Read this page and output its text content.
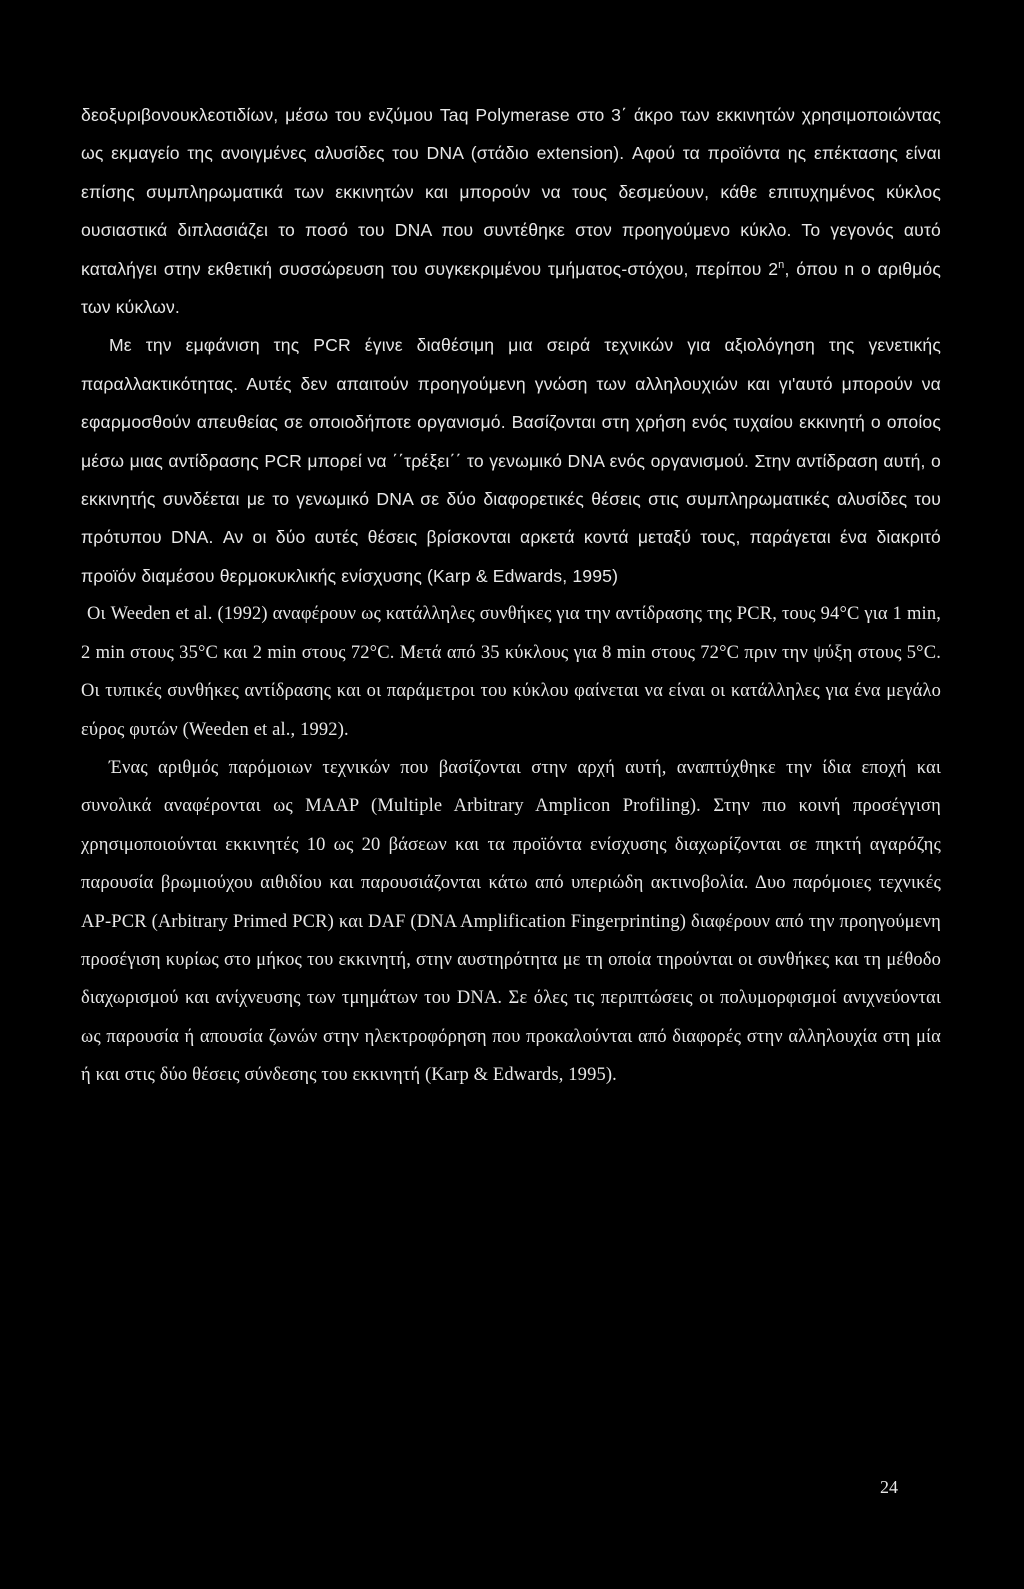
δεοξυριβονουκλεοτιδίων, μέσω του ενζύμου Taq Polymerase στο 3΄ άκρο των εκκινητών χρησιμοποιώντας ως εκμαγείο της ανοιγμένες αλυσίδες του DNA (στάδιο extension). Αφού τα προϊόντα ης επέκτασης είναι επίσης συμπληρωματικά των εκκινητών και μπορούν να τους δεσμεύουν, κάθε επιτυχημένος κύκλος ουσιαστικά διπλασιάζει το ποσό του DNA που συντέθηκε στον προηγούμενο κύκλο. Το γεγονός αυτό καταλήγει στην εκθετική συσσώρευση του συγκεκριμένου τμήματος-στόχου, περίπου 2$^n$, όπου n ο αριθμός των κύκλων.

Με την εμφάνιση της PCR έγινε διαθέσιμη μια σειρά τεχνικών για αξιολόγηση της γενετικής παραλλακτικότητας. Αυτές δεν απαιτούν προηγούμενη γνώση των αλληλουχιών και γι'αυτό μπορούν να εφαρμοσθούν απευθείας σε οποιοδήποτε οργανισμό. Βασίζονται στη χρήση ενός τυχαίου εκκινητή ο οποίος μέσω μιας αντίδρασης PCR μπορεί να ΄΄τρέξει΄΄ το γενωμικό DNA ενός οργανισμού. Στην αντίδραση αυτή, ο εκκινητής συνδέεται με το γενωμικό DNA σε δύο διαφορετικές θέσεις στις συμπληρωματικές αλυσίδες του πρότυπου DNA. Αν οι δύο αυτές θέσεις βρίσκονται αρκετά κοντά μεταξύ τους, παράγεται ένα διακριτό προϊόν διαμέσου θερμοκυκλικής ενίσχυσης (Karp & Edwards, 1995)

Οι Weeden et al. (1992) αναφέρουν ως κατάλληλες συνθήκες για την αντίδρασης της PCR, τους 94°C για 1 min, 2 min στους 35°C και 2 min στους 72°C. Μετά από 35 κύκλους για 8 min στους 72°C πριν την ψύξη στους 5°C. Οι τυπικές συνθήκες αντίδρασης και οι παράμετροι του κύκλου φαίνεται να είναι οι κατάλληλες για ένα μεγάλο εύρος φυτών (Weeden et al., 1992).

Ένας αριθμός παρόμοιων τεχνικών που βασίζονται στην αρχή αυτή, αναπτύχθηκε την ίδια εποχή και συνολικά αναφέρονται ως MAAP (Multiple Arbitrary Amplicon Profiling). Στην πιο κοινή προσέγγιση χρησιμοποιούνται εκκινητές 10 ως 20 βάσεων και τα προϊόντα ενίσχυσης διαχωρίζονται σε πηκτή αγαρόζης παρουσία βρωμιούχου αιθιδίου και παρουσιάζονται κάτω από υπεριώδη ακτινοβολία. Δυο παρόμοιες τεχνικές AP-PCR (Arbitrary Primed PCR) και DAF (DNA Amplification Fingerprinting) διαφέρουν από την προηγούμενη προσέγιση κυρίως στο μήκος του εκκινητή, στην αυστηρότητα με τη οποία τηρούνται οι συνθήκες και τη μέθοδο διαχωρισμού και ανίχνευσης των τμημάτων του DNA. Σε όλες τις περιπτώσεις οι πολυμορφισμοί ανιχνεύονται ως παρουσία ή απουσία ζωνών στην ηλεκτροφόρηση που προκαλούνται από διαφορές στην αλληλουχία στη μία ή και στις δύο θέσεις σύνδεσης του εκκινητή (Karp & Edwards, 1995).

24
